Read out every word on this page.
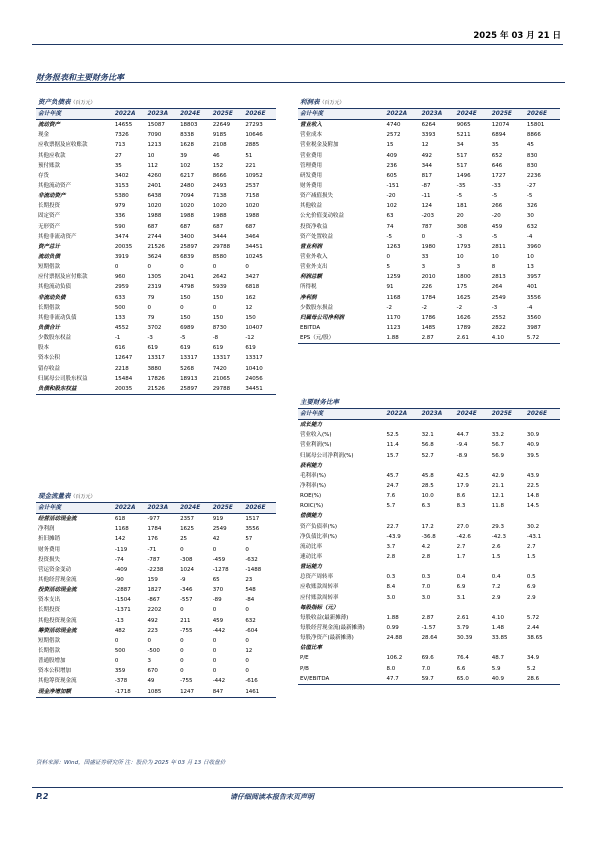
2025 年 03 月 21 日
财务报表和主要财务比率
资产负债表（百万元）
会计年度	2022A	2023A	2024E	2025E	2026E
流动资产	14655	15087	18803	22649	27293
现金	7326	7090	8338	9185	10646
应收票据及应收账款	713	1213	1628	2108	2885
其他应收款	27	10	39	46	51
预付账款	35	112	102	152	221
存货	3402	4260	6217	8666	10952
其他流动资产	3153	2401	2480	2493	2537
非流动资产	5380	6438	7094	7138	7158
长期投资	979	1020	1020	1020	1020
固定资产	336	1988	1988	1988	1988
无形资产	590	687	687	687	687
其他非流动资产	3474	2744	3400	3444	3464
资产总计	20035	21526	25897	29788	34451
流动负债	3919	3624	6839	8580	10245
短期借款	0	0	0	0	0
应付票据及应付账款	960	1305	2041	2642	3427
其他流动负债	2959	2319	4798	5939	6818
非流动负债	633	79	150	150	162
长期借款	500	0	0	0	12
其他非流动负债	133	79	150	150	150
负债合计	4552	3702	6989	8730	10407
少数股东权益	-1	-3	-5	-8	-12
股本	616	619	619	619	619
资本公积	12647	13317	13317	13317	13317
留存收益	2218	3880	5268	7420	10410
归属母公司股东权益	15484	17826	18913	21065	24056
负债和股东权益	20035	21526	25897	29788	34451
现金流量表（百万元）
会计年度	2022A	2023A	2024E	2025E	2026E
经营活动现金流	618	-977	2357	919	1517
净利润	1168	1784	1625	2549	3556
折旧摊销	142	176	25	42	57
财务费用	-119	-71	0	0	0
投资损失	-74	-787	-308	-459	-632
营运资金变动	-409	-2238	1024	-1278	-1488
其他经营现金流	-90	159	-9	65	23
投资活动现金流	-2887	1827	-346	370	548
资本支出	-1504	-867	-557	-89	-84
长期投资	-1371	2202	0	0	0
其他投资现金流	-13	492	211	459	632
筹资活动现金流	482	223	-755	-442	-604
短期借款	0	0	0	0	0
长期借款	500	-500	0	0	12
普通股增加	0	3	0	0	0
资本公积增加	359	670	0	0	0
其他筹资现金流	-378	49	-755	-442	-616
现金净增加额	-1718	1085	1247	847	1461
利润表（百万元）
会计年度	2022A	2023A	2024E	2025E	2026E
营业收入	4740	6264	9065	12074	15801
营业成本	2572	3393	5211	6894	8866
营业税金及附加	15	12	34	35	45
营业费用	409	492	517	652	830
管理费用	236	344	517	646	830
研发费用	605	817	1496	1727	2236
财务费用	-151	-87	-35	-33	-27
资产减值损失	-20	-11	-5	-5	-5
其他收益	102	124	181	266	326
公允价值变动收益	63	-203	20	-20	30
投资净收益	74	787	308	459	632
资产处置收益	-5	0	-3	-5	-4
营业利润	1263	1980	1793	2811	3960
营业外收入	0	33	10	10	10
营业外支出	5	3	3	8	13
利润总额	1259	2010	1800	2813	3957
所得税	91	226	175	264	401
净利润	1168	1784	1625	2549	3556
少数股东损益	-2	-2	-2	-3	-4
归属母公司净利润	1170	1786	1626	2552	3560
EBITDA	1123	1485	1789	2822	3987
EPS（元/股）	1.88	2.87	2.61	4.10	5.72
主要财务比率
会计年度	2022A	2023A	2024E	2025E	2026E
成长能力					
营业收入(%)	52.5	32.1	44.7	33.2	30.9
营业利润(%)	11.4	56.8	-9.4	56.7	40.9
归属母公司净利润(%)	15.7	52.7	-8.9	56.9	39.5
获利能力					
毛利率(%)	45.7	45.8	42.5	42.9	43.9
净利率(%)	24.7	28.5	17.9	21.1	22.5
ROE(%)	7.6	10.0	8.6	12.1	14.8
ROIC(%)	5.7	6.3	8.3	11.8	14.5
偿债能力					
资产负债率(%)	22.7	17.2	27.0	29.3	30.2
净负债比率(%)	-43.9	-36.8	-42.6	-42.3	-43.1
流动比率	3.7	4.2	2.7	2.6	2.7
速动比率	2.8	2.8	1.7	1.5	1.5
营运能力					
总资产周转率	0.3	0.3	0.4	0.4	0.5
应收账款周转率	8.4	7.0	6.9	7.2	6.9
应付账款周转率	3.0	3.0	3.1	2.9	2.9
每股指标（元）					
每股收益(最新摊薄)	1.88	2.87	2.61	4.10	5.72
每股经营现金流(最新摊薄)	0.99	-1.57	3.79	1.48	2.44
每股净资产(最新摊薄)	24.88	28.64	30.39	33.85	38.65
估值比率					
P/E	106.2	69.6	76.4	48.7	34.9
P/B	8.0	7.0	6.6	5.9	5.2
EV/EBITDA	47.7	59.7	65.0	40.9	28.6
资料来源：Wind，国盛证券研究所 注：股价为 2025 年 03 月 13 日收盘价
P.2	请仔细阅读本报告末页声明
